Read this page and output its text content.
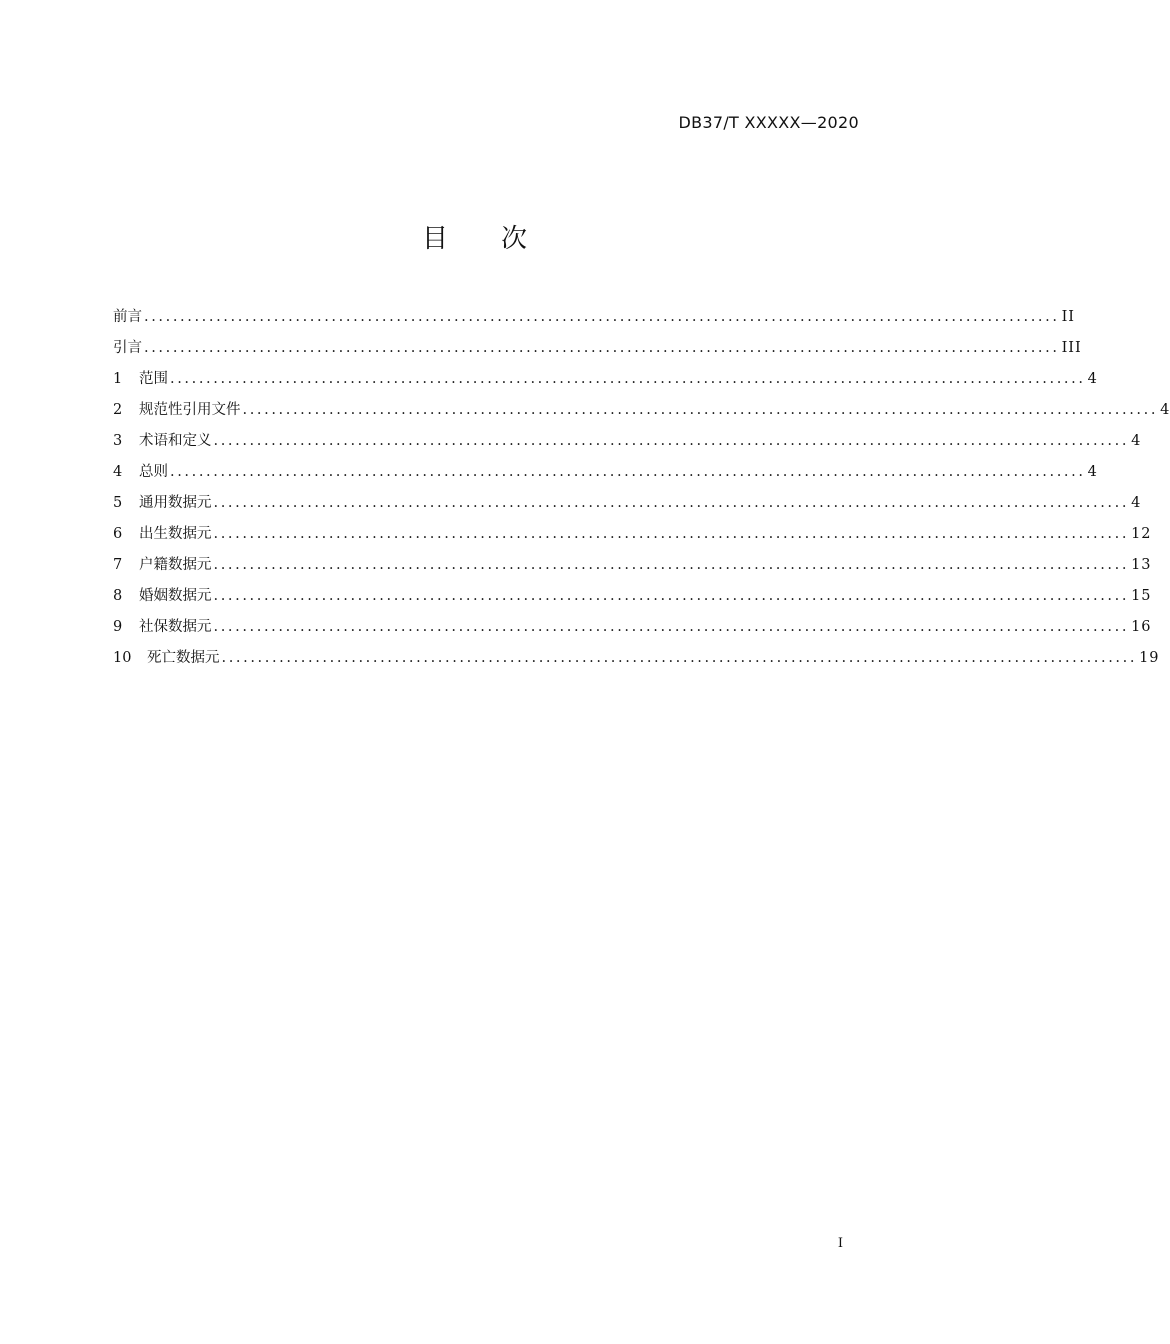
DB37/T XXXXX—2020
目 次
前言 ............................................................................................................................... II
引言 ............................................................................................................................... III
1	范围 ............................................................................................................................... 4
2	规范性引用文件 ............................................................................................................................... 4
3	术语和定义 ............................................................................................................................... 4
4	总则 ............................................................................................................................... 4
5	通用数据元 ............................................................................................................................... 4
6	出生数据元 ............................................................................................................................... 12
7	户籍数据元 ............................................................................................................................... 13
8	婚姻数据元 ............................................................................................................................... 15
9	社保数据元 ............................................................................................................................... 16
10	死亡数据元 ............................................................................................................................... 19
I
